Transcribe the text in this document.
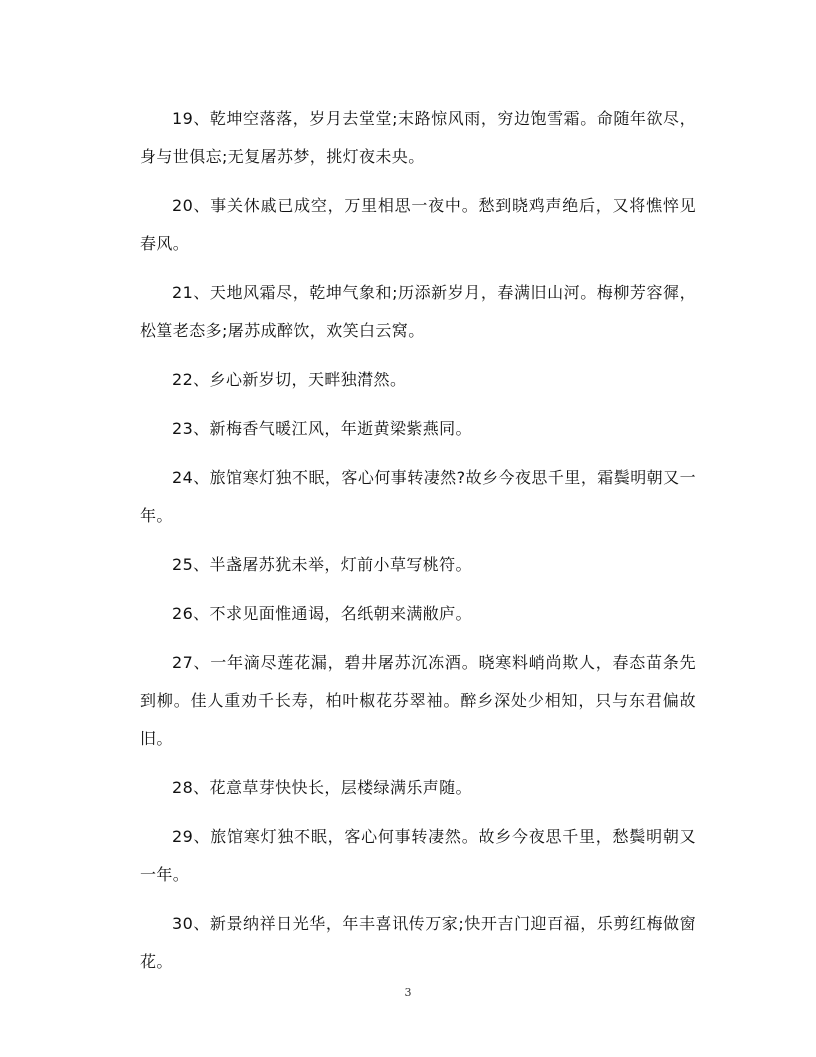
19、乾坤空落落，岁月去堂堂;末路惊风雨，穷边饱雪霜。命随年欲尽，身与世俱忘;无复屠苏梦，挑灯夜未央。

20、事关休戚已成空，万里相思一夜中。愁到晓鸡声绝后，又将憔悴见春风。

21、天地风霜尽，乾坤气象和;历添新岁月，春满旧山河。梅柳芳容徲，松篁老态多;屠苏成醉饮，欢笑白云窝。

22、乡心新岁切，天畔独潸然。

23、新梅香气暖江风，年逝黄梁紫燕同。

24、旅馆寒灯独不眠，客心何事转凄然?故乡今夜思千里，霜鬓明朝又一年。

25、半盏屠苏犹未举，灯前小草写桃符。

26、不求见面惟通谒，名纸朝来满敝庐。

27、一年滴尽莲花漏，碧井屠苏沉冻酒。晓寒料峭尚欺人，春态苗条先到柳。佳人重劝千长寿，柏叶椒花芬翠袖。醉乡深处少相知，只与东君偏故旧。

28、花意草芽快快长，层楼绿满乐声随。

29、旅馆寒灯独不眠，客心何事转凄然。故乡今夜思千里，愁鬓明朝又一年。

30、新景纳祥日光华，年丰喜讯传万家;快开吉门迎百福，乐剪红梅做窗花。

3
